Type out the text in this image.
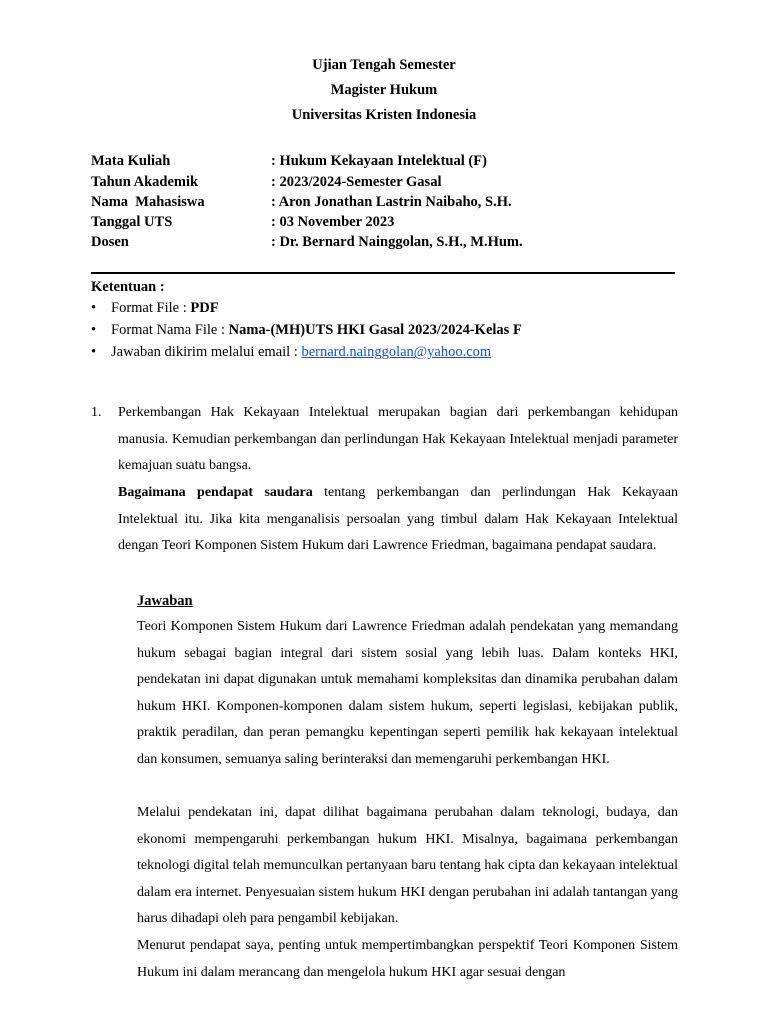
Ujian Tengah Semester
Magister Hukum
Universitas Kristen Indonesia
Mata Kuliah	: Hukum Kekayaan Intelektual (F)
Tahun Akademik	: 2023/2024-Semester Gasal
Nama  Mahasiswa	: Aron Jonathan Lastrin Naibaho, S.H.
Tanggal UTS	: 03 November 2023
Dosen	: Dr. Bernard Nainggolan, S.H., M.Hum.
Ketentuan :
• Format File : PDF
• Format Nama File : Nama-(MH)UTS HKI Gasal 2023/2024-Kelas F
• Jawaban dikirim melalui email : bernard.nainggolan@yahoo.com
1. Perkembangan Hak Kekayaan Intelektual merupakan bagian dari perkembangan kehidupan manusia. Kemudian perkembangan dan perlindungan Hak Kekayaan Intelektual menjadi parameter kemajuan suatu bangsa.
Bagaimana pendapat saudara tentang perkembangan dan perlindungan Hak Kekayaan Intelektual itu. Jika kita menganalisis persoalan yang timbul dalam Hak Kekayaan Intelektual dengan Teori Komponen Sistem Hukum dari Lawrence Friedman, bagaimana pendapat saudara.
Jawaban
Teori Komponen Sistem Hukum dari Lawrence Friedman adalah pendekatan yang memandang hukum sebagai bagian integral dari sistem sosial yang lebih luas. Dalam konteks HKI, pendekatan ini dapat digunakan untuk memahami kompleksitas dan dinamika perubahan dalam hukum HKI. Komponen-komponen dalam sistem hukum, seperti legislasi, kebijakan publik, praktik peradilan, dan peran pemangku kepentingan seperti pemilik hak kekayaan intelektual dan konsumen, semuanya saling berinteraksi dan memengaruhi perkembangan HKI.
Melalui pendekatan ini, dapat dilihat bagaimana perubahan dalam teknologi, budaya, dan ekonomi mempengaruhi perkembangan hukum HKI. Misalnya, bagaimana perkembangan teknologi digital telah memunculkan pertanyaan baru tentang hak cipta dan kekayaan intelektual dalam era internet. Penyesuaian sistem hukum HKI dengan perubahan ini adalah tantangan yang harus dihadapi oleh para pengambil kebijakan.
Menurut pendapat saya, penting untuk mempertimbangkan perspektif Teori Komponen Sistem Hukum ini dalam merancang dan mengelola hukum HKI agar sesuai dengan
